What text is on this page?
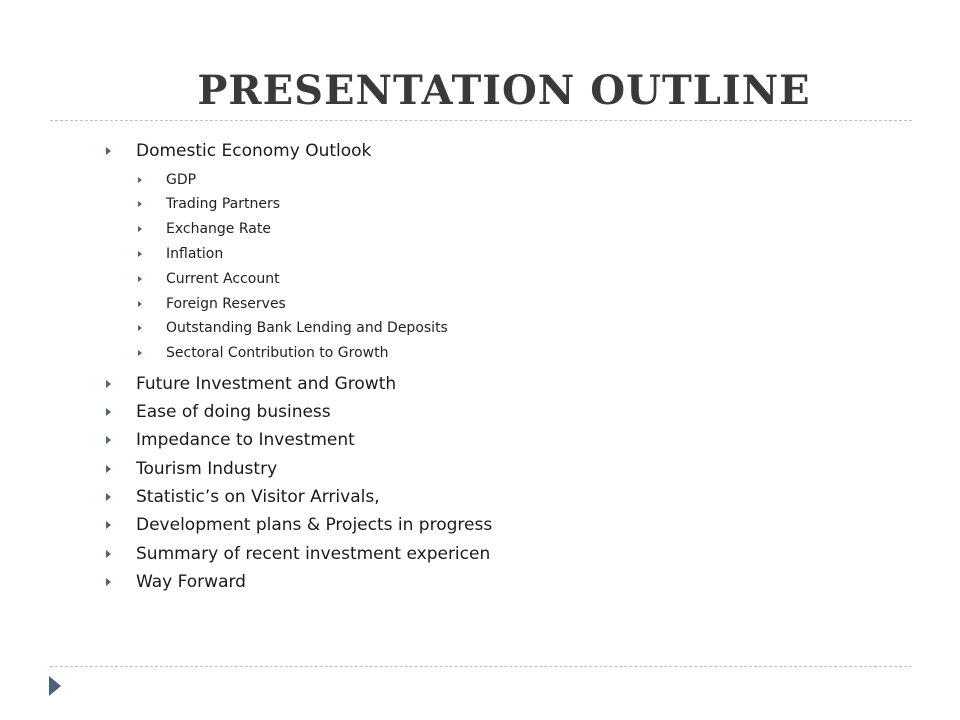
PRESENTATION OUTLINE
Domestic Economy Outlook
GDP
Trading Partners
Exchange Rate
Inflation
Current Account
Foreign Reserves
Outstanding Bank Lending and Deposits
Sectoral Contribution to Growth
Future Investment and Growth
Ease of doing business
Impedance to Investment
Tourism Industry
Statistic’s on Visitor Arrivals,
Development plans & Projects in progress
Summary of recent investment expericen
Way Forward
